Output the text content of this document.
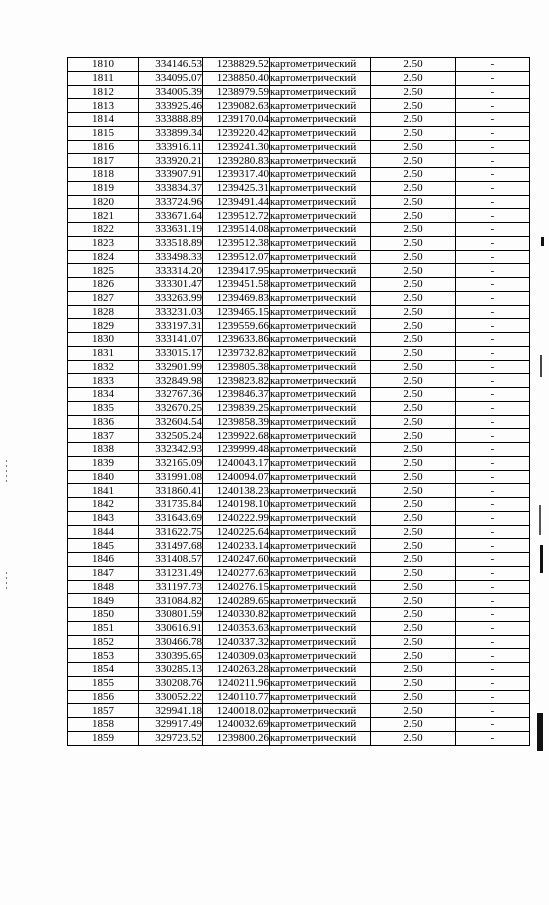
1810	334146.53	1238829.52	картометрический	2.50	-
1811	334095.07	1238850.40	картометрический	2.50	-
1812	334005.39	1238979.59	картометрический	2.50	-
1813	333925.46	1239082.63	картометрический	2.50	-
1814	333888.89	1239170.04	картометрический	2.50	-
1815	333899.34	1239220.42	картометрический	2.50	-
1816	333916.11	1239241.30	картометрический	2.50	-
1817	333920.21	1239280.83	картометрический	2.50	-
1818	333907.91	1239317.40	картометрический	2.50	-
1819	333834.37	1239425.31	картометрический	2.50	-
1820	333724.96	1239491.44	картометрический	2.50	-
1821	333671.64	1239512.72	картометрический	2.50	-
1822	333631.19	1239514.08	картометрический	2.50	-
1823	333518.89	1239512.38	картометрический	2.50	-
1824	333498.33	1239512.07	картометрический	2.50	-
1825	333314.20	1239417.95	картометрический	2.50	-
1826	333301.47	1239451.58	картометрический	2.50	-
1827	333263.99	1239469.83	картометрический	2.50	-
1828	333231.03	1239465.15	картометрический	2.50	-
1829	333197.31	1239559.66	картометрический	2.50	-
1830	333141.07	1239633.86	картометрический	2.50	-
1831	333015.17	1239732.82	картометрический	2.50	-
1832	332901.99	1239805.38	картометрический	2.50	-
1833	332849.98	1239823.82	картометрический	2.50	-
1834	332767.36	1239846.37	картометрический	2.50	-
1835	332670.25	1239839.25	картометрический	2.50	-
1836	332604.54	1239858.39	картометрический	2.50	-
1837	332505.24	1239922.68	картометрический	2.50	-
1838	332342.93	1239999.48	картометрический	2.50	-
1839	332165.09	1240043.17	картометрический	2.50	-
1840	331991.08	1240094.07	картометрический	2.50	-
1841	331860.41	1240138.23	картометрический	2.50	-
1842	331735.84	1240198.10	картометрический	2.50	-
1843	331643.69	1240222.99	картометрический	2.50	-
1844	331622.75	1240225.64	картометрический	2.50	-
1845	331497.68	1240233.14	картометрический	2.50	-
1846	331408.57	1240247.60	картометрический	2.50	-
1847	331231.49	1240277.63	картометрический	2.50	-
1848	331197.73	1240276.15	картометрический	2.50	-
1849	331084.82	1240289.65	картометрический	2.50	-
1850	330801.59	1240330.82	картометрический	2.50	-
1851	330616.91	1240353.63	картометрический	2.50	-
1852	330466.78	1240337.32	картометрический	2.50	-
1853	330395.65	1240309.03	картометрический	2.50	-
1854	330285.13	1240263.28	картометрический	2.50	-
1855	330208.76	1240211.96	картометрический	2.50	-
1856	330052.22	1240110.77	картометрический	2.50	-
1857	329941.18	1240018.02	картометрический	2.50	-
1858	329917.49	1240032.69	картометрический	2.50	-
1859	329723.52	1239800.26	картометрический	2.50	-
